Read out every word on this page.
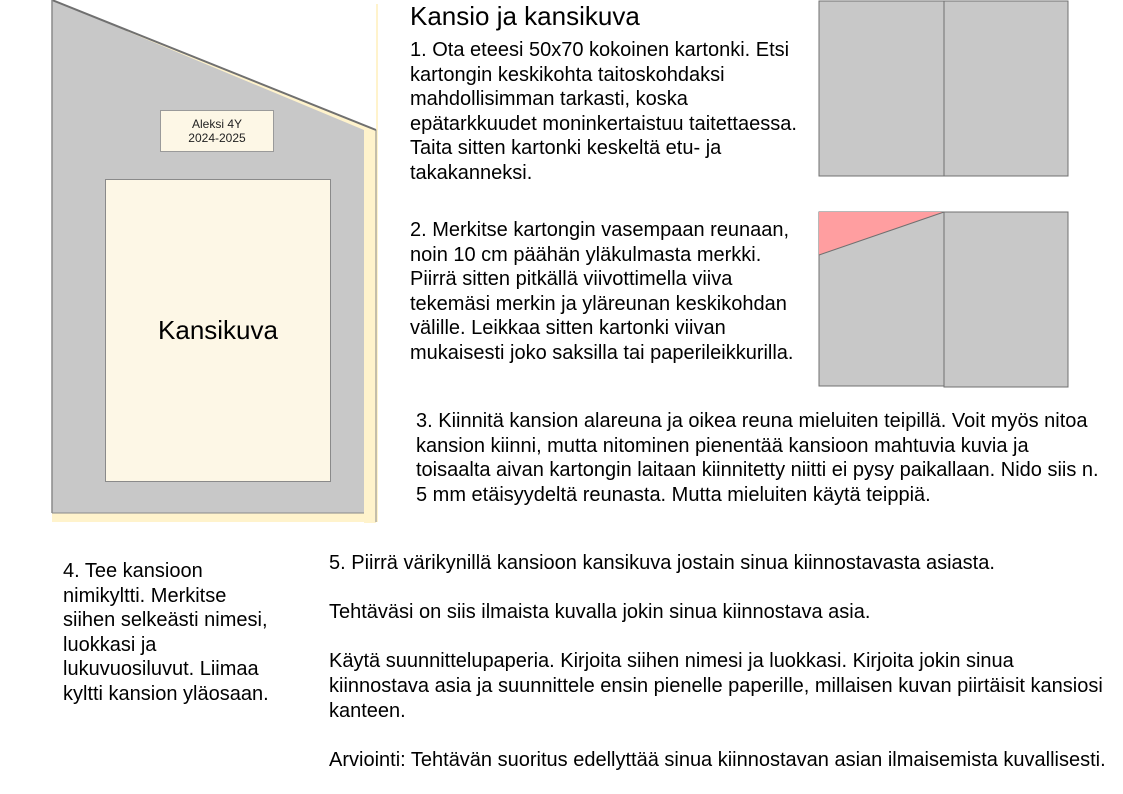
Aleksi 4Y
2024-2025
Kansikuva
Kansio ja kansikuva
1. Ota eteesi 50x70 kokoinen kartonki. Etsi kartongin keskikohta taitoskohdaksi mahdollisimman tarkasti, koska epätarkkuudet moninkertaistuu taitettaessa. Taita sitten kartonki keskeltä etu- ja takakanneksi.
2. Merkitse kartongin vasempaan reunaan, noin 10 cm päähän yläkulmasta merkki. Piirrä sitten pitkällä viivottimella viiva tekemäsi merkin ja yläreunan keskikohdan välille. Leikkaa sitten kartonki viivan mukaisesti joko saksilla tai paperileikkurilla.
3. Kiinnitä kansion alareuna ja oikea reuna mieluiten teipillä. Voit myös nitoa kansion kiinni, mutta nitominen pienentää kansioon mahtuvia kuvia ja toisaalta aivan kartongin laitaan kiinnitetty niitti ei pysy paikallaan. Nido siis n. 5 mm etäisyydeltä reunasta. Mutta mieluiten käytä teippiä.
4. Tee kansioon nimikyltti. Merkitse siihen selkeästi nimesi, luokkasi ja lukuvuosiluvut. Liimaa kyltti kansion yläosaan.

5. Piirrä värikynillä kansioon kansikuva jostain sinua kiinnostavasta asiasta.

Tehtäväsi on siis ilmaista kuvalla jokin sinua kiinnostava asia.

Käytä suunnittelupaperia. Kirjoita siihen nimesi ja luokkasi. Kirjoita jokin sinua kiinnostava asia ja suunnittele ensin pienelle paperille, millaisen kuvan piirtäisit kansiosi kanteen.

Arviointi: Tehtävän suoritus edellyttää sinua kiinnostavan asian ilmaisemista kuvallisesti.
